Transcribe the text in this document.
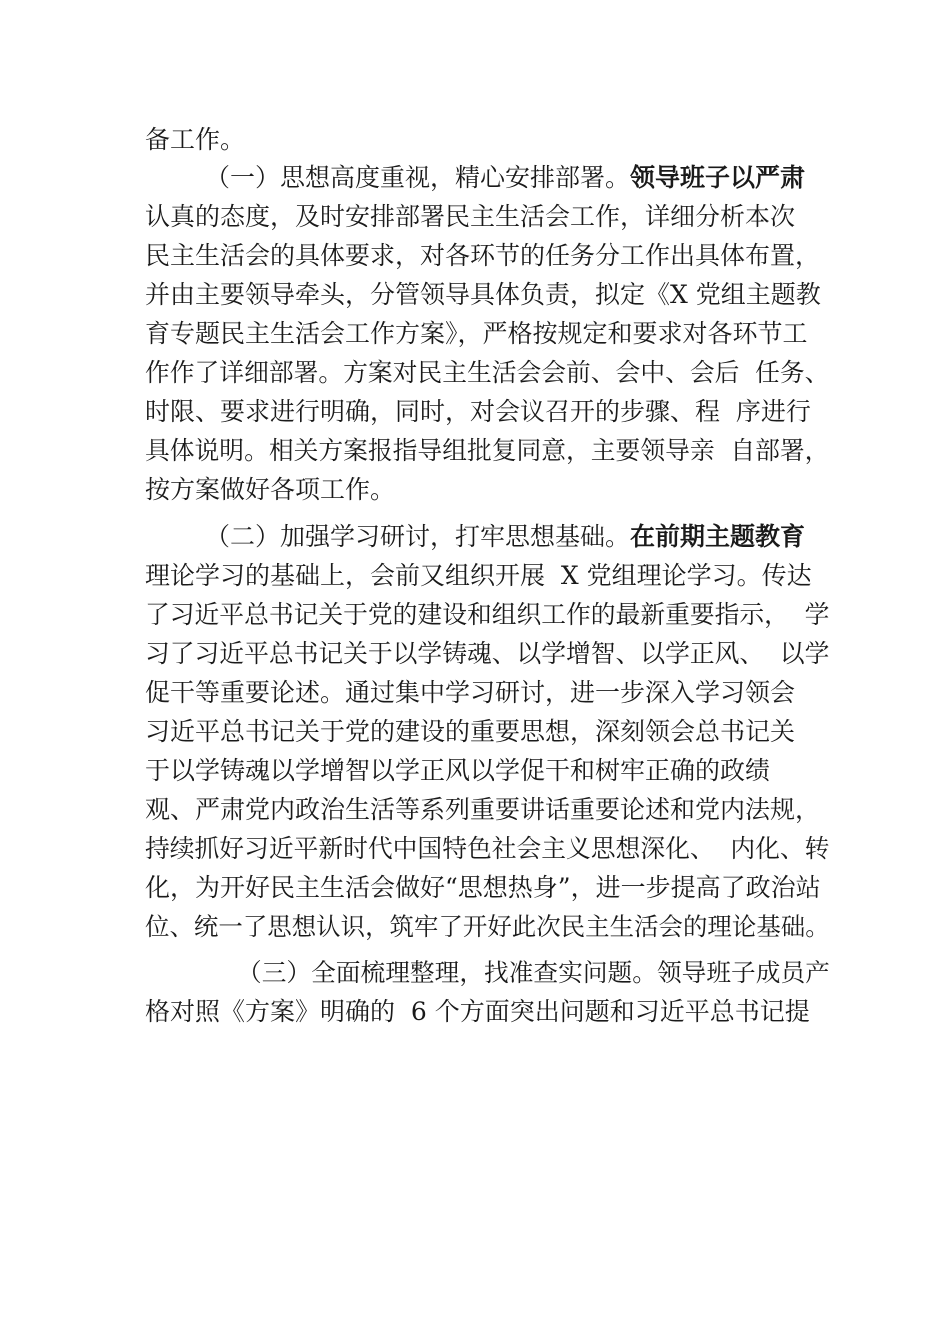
备工作。

（一）思想高度重视，精心安排部署。领导班子以严肃

认真的态度，及时安排部署民主生活会工作，详细分析本次

民主生活会的具体要求，对各环节的任务分工作出具体布置，

并由主要领导牵头，分管领导具体负责，拟定《X 党组主题教

育专题民主生活会工作方案》，严格按规定和要求对各环节工

作作了详细部署。方案对民主生活会会前、会中、会后  任务、

时限、要求进行明确，同时，对会议召开的步骤、程  序进行

具体说明。相关方案报指导组批复同意，主要领导亲  自部署，

按方案做好各项工作。

（二）加强学习研讨，打牢思想基础。在前期主题教育

理论学习的基础上，会前又组织开展  X 党组理论学习。传达

了习近平总书记关于党的建设和组织工作的最新重要指示，  学

习了习近平总书记关于以学铸魂、以学增智、以学正风、  以学

促干等重要论述。通过集中学习研讨，进一步深入学习领会

习近平总书记关于党的建设的重要思想，深刻领会总书记关

于以学铸魂以学增智以学正风以学促干和树牢正确的政绩

观、严肃党内政治生活等系列重要讲话重要论述和党内法规，

持续抓好习近平新时代中国特色社会主义思想深化、  内化、转

化，为开好民主生活会做好“思想热身”，进一步提高了政治站

位、统一了思想认识，筑牢了开好此次民主生活会的理论基础。

（三）全面梳理整理，找准查实问题。领导班子成员产

格对照《方案》明确的  6 个方面突出问题和习近平总书记提
